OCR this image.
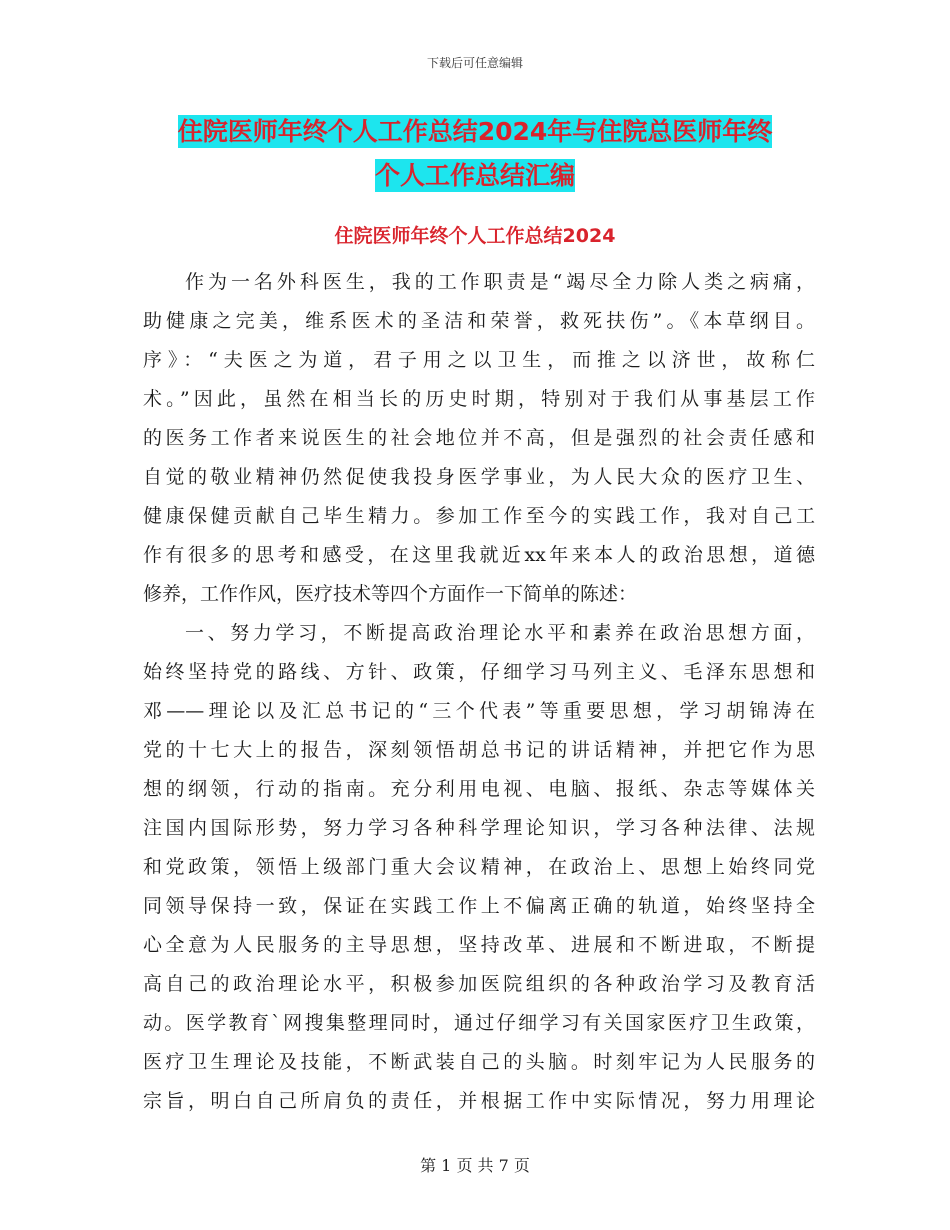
下载后可任意编辑
住院医师年终个人工作总结2024年与住院总医师年终
个人工作总结汇编
住院医师年终个人工作总结2024

作为一名外科医生，我的工作职责是“竭尽全力除人类之病痛，
助健康之完美，维系医术的圣洁和荣誉，救死扶伤”。《本草纲目。
序》：“夫医之为道，君子用之以卫生，而推之以济世，故称仁
术。”因此，虽然在相当长的历史时期，特别对于我们从事基层工作
的医务工作者来说医生的社会地位并不高，但是强烈的社会责任感和
自觉的敬业精神仍然促使我投身医学事业，为人民大众的医疗卫生、
健康保健贡献自己毕生精力。参加工作至今的实践工作，我对自己工
作有很多的思考和感受，在这里我就近xx年来本人的政治思想，道德
修养，工作作风，医疗技术等四个方面作一下简单的陈述：

一、努力学习，不断提高政治理论水平和素养在政治思想方面，
始终坚持党的路线、方针、政策，仔细学习马列主义、毛泽东思想和
邓——理论以及汇总书记的“三个代表”等重要思想，学习胡锦涛在
党的十七大上的报告，深刻领悟胡总书记的讲话精神，并把它作为思
想的纲领，行动的指南。充分利用电视、电脑、报纸、杂志等媒体关
注国内国际形势，努力学习各种科学理论知识，学习各种法律、法规
和党政策，领悟上级部门重大会议精神，在政治上、思想上始终同党
同领导保持一致，保证在实践工作上不偏离正确的轨道，始终坚持全
心全意为人民服务的主导思想，坚持改革、进展和不断进取，不断提
高自己的政治理论水平，积极参加医院组织的各种政治学习及教育活
动。医学教育`网搜集整理同时，通过仔细学习有关国家医疗卫生政策，
医疗卫生理论及技能，不断武装自己的头脑。时刻牢记为人民服务的
宗旨，明白自己所肩负的责任，并根据工作中实际情况，努力用理论

第 1 页 共 7 页
